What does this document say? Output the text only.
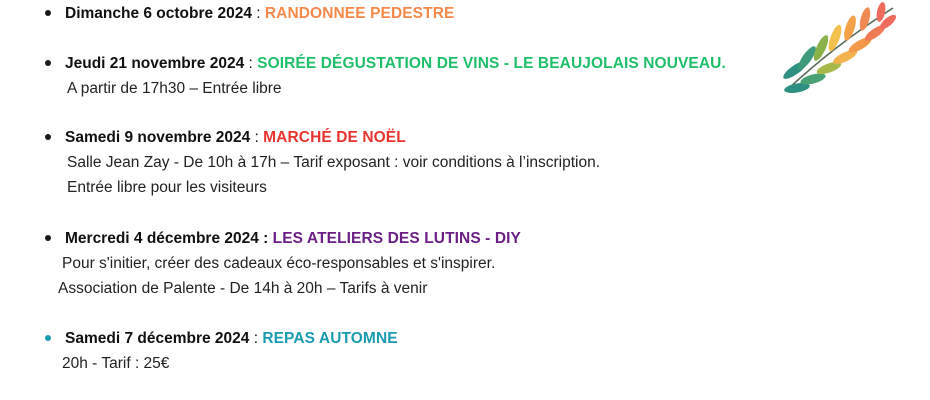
Dimanche 6 octobre 2024 : RANDONNEE PEDESTRE
Jeudi 21 novembre 2024 : SOIRÉE DÉGUSTATION DE VINS - LE BEAUJOLAIS NOUVEAU.
A partir de 17h30 – Entrée libre
Samedi 9 novembre 2024 : MARCHÉ DE NOËL
Salle Jean Zay - De 10h à 17h – Tarif exposant : voir conditions à l’inscription.
Entrée libre pour les visiteurs
Mercredi 4 décembre 2024 : LES ATELIERS DES LUTINS - DIY
Pour s'initier, créer des cadeaux éco-responsables et s'inspirer.
Association de Palente - De 14h à 20h – Tarifs à venir
Samedi 7 décembre 2024 : REPAS AUTOMNE
20h - Tarif : 25€
